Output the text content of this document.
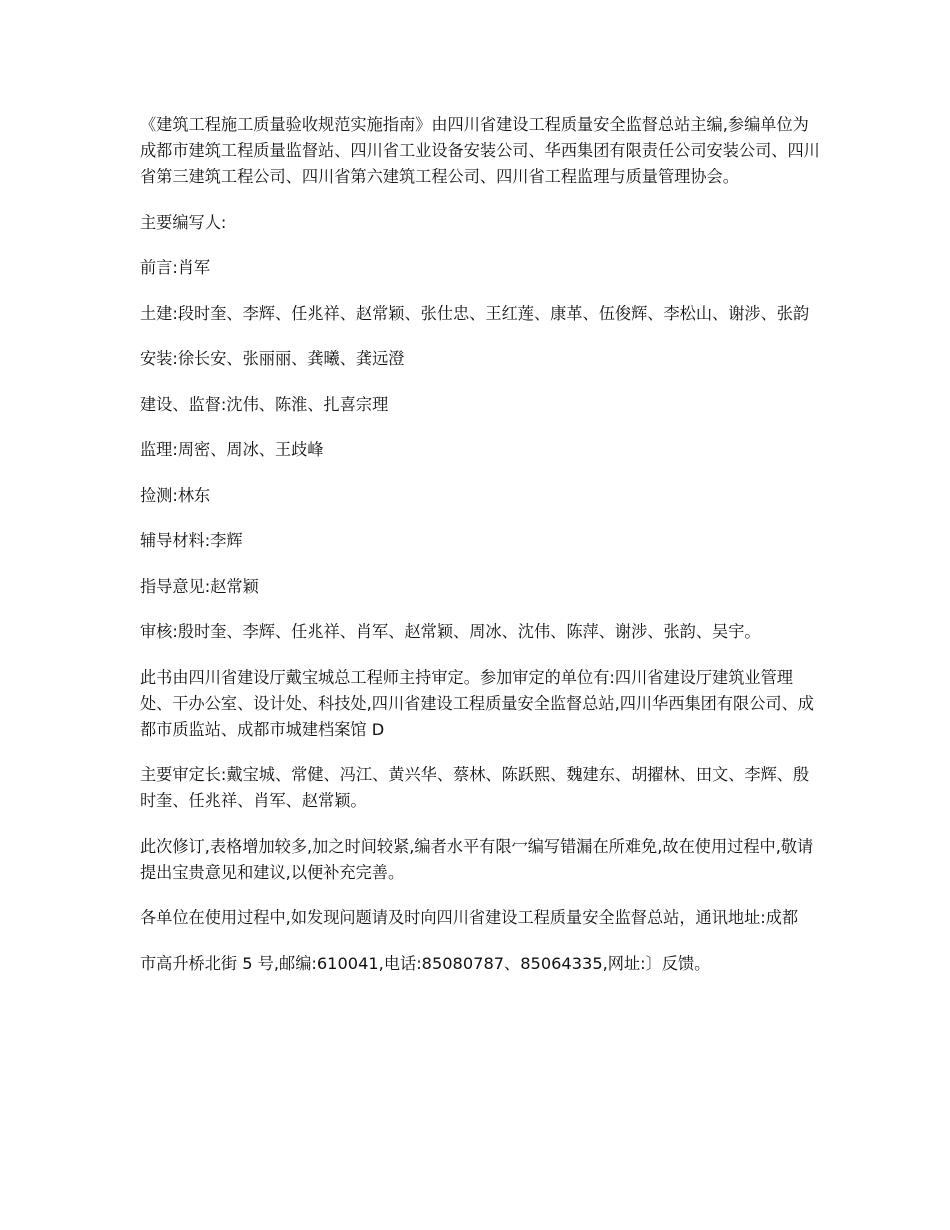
《建筑工程施工质量验收规范实施指南》由四川省建设工程质量安全监督总站主编,参编单位为成都市建筑工程质量监督站、四川省工业设备安装公司、华西集团有限责任公司安装公司、四川省第三建筑工程公司、四川省第六建筑工程公司、四川省工程监理与质量管理协会。

主要编写人:

前言:肖军

土建:段时奎、李辉、任兆祥、赵常颖、张仕忠、王红莲、康革、伍俊辉、李松山、谢涉、张韵

安装:徐长安、张丽丽、龚曦、龚远澄

建设、监督:沈伟、陈淮、扎喜宗理

监理:周密、周冰、王歧峰

捡测:林东

辅导材料:李辉

指导意见:赵常颖

审核:殷时奎、李辉、任兆祥、肖军、赵常颖、周冰、沈伟、陈萍、谢涉、张韵、吴宇。

此书由四川省建设厅戴宝城总工程师主持审定。参加审定的单位有:四川省建设厅建筑业管理处、干办公室、设计处、科技处,四川省建设工程质量安全监督总站,四川华西集团有限公司、成都市质监站、成都市城建档案馆 D

主要审定长:戴宝城、常健、冯江、黄兴华、蔡林、陈跃熙、魏建东、胡擢林、田文、李辉、殷时奎、任兆祥、肖军、赵常颖。

此次修订,表格增加较多,加之时间较紧,编者水平有限冖编写错漏在所难免,故在使用过程中,敬请提出宝贵意见和建议,以便补充完善。

各单位在使用过程中,如发现问题请及时向四川省建设工程质量安全监督总站，通讯地址:成都

市高升桥北街 5 号,邮编:610041,电话:85080787、85064335,网址:〕反馈。
